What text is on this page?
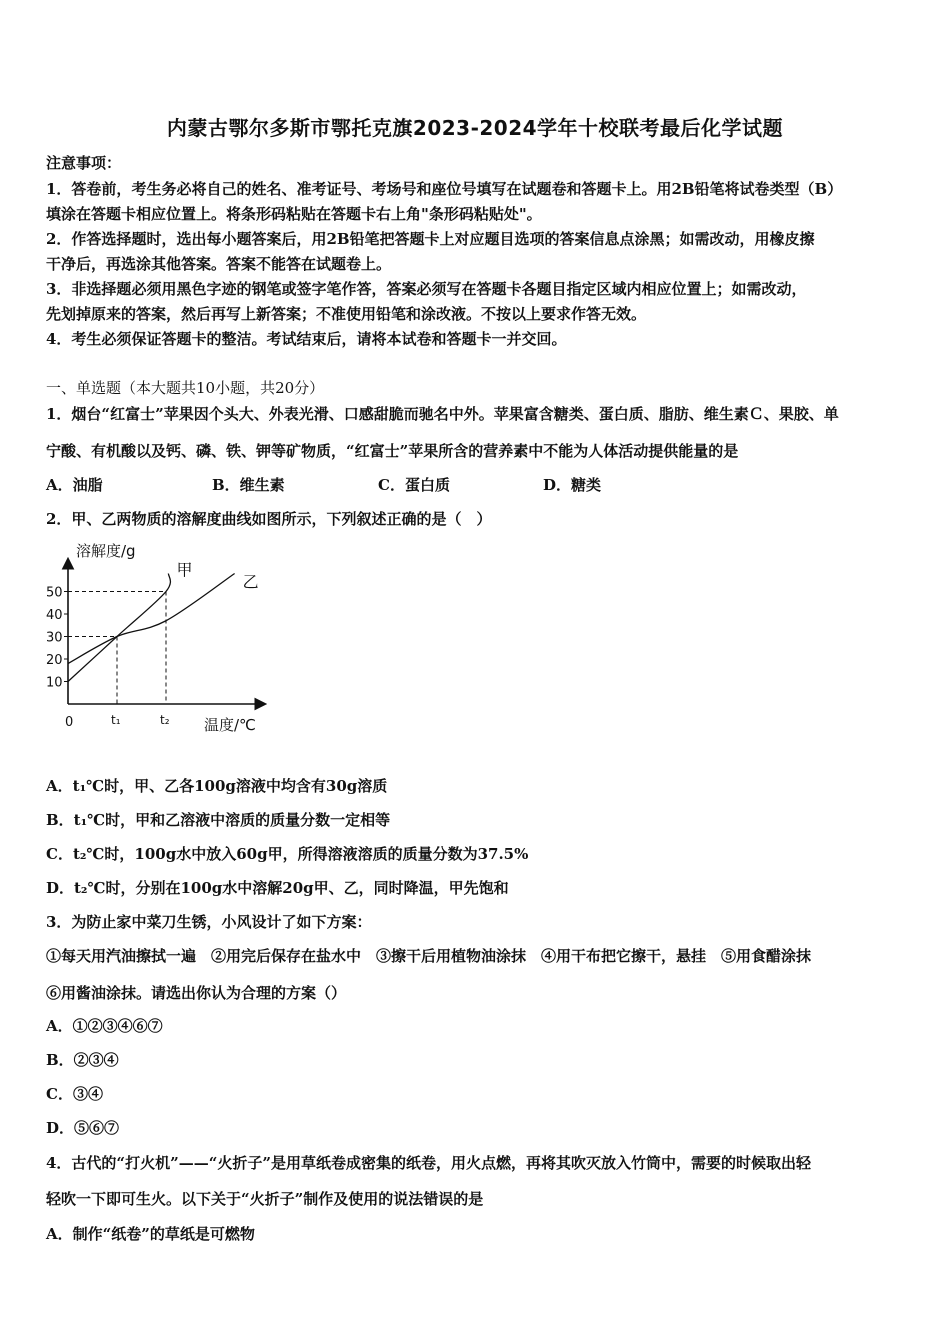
内蒙古鄂尔多斯市鄂托克旗2023-2024学年十校联考最后化学试题
注意事项：
1．答卷前，考生务必将自己的姓名、准考证号、考场号和座位号填写在试题卷和答题卡上。用2B铅笔将试卷类型（B）
填涂在答题卡相应位置上。将条形码粘贴在答题卡右上角"条形码粘贴处"。
2．作答选择题时，选出每小题答案后，用2B铅笔把答题卡上对应题目选项的答案信息点涂黑；如需改动，用橡皮擦
干净后，再选涂其他答案。答案不能答在试题卷上。
3．非选择题必须用黑色字迹的钢笔或签字笔作答，答案必须写在答题卡各题目指定区域内相应位置上；如需改动，
先划掉原来的答案，然后再写上新答案；不准使用铅笔和涂改液。不按以上要求作答无效。
4．考生必须保证答题卡的整洁。考试结束后，请将本试卷和答题卡一并交回。
一、单选题（本大题共10小题，共20分）
1．烟台“红富士”苹果因个头大、外表光滑、口感甜脆而驰名中外。苹果富含糖类、蛋白质、脂肪、维生素Ｃ、果胶、单
宁酸、有机酸以及钙、磷、铁、钾等矿物质，“红富士”苹果所含的营养素中不能为人体活动提供能量的是
A．油脂	B．维生素	C．蛋白质	D．糖类
2．甲、乙两物质的溶解度曲线如图所示，下列叙述正确的是（　）
溶解度/g
温度/℃
0
10
20
30
40
50
t₁	t₂
甲
乙
A．t₁℃时，甲、乙各100g溶液中均含有30g溶质
B．t₁℃时，甲和乙溶液中溶质的质量分数一定相等
C．t₂℃时，100g水中放入60g甲，所得溶液溶质的质量分数为37.5%
D．t₂℃时，分别在100g水中溶解20g甲、乙，同时降温，甲先饱和
3．为防止家中菜刀生锈，小风设计了如下方案：
①每天用汽油擦拭一遍　②用完后保存在盐水中　③擦干后用植物油涂抹　④用干布把它擦干，悬挂　⑤用食醋涂抹
⑥用酱油涂抹。请选出你认为合理的方案（）
A．①②③④⑥⑦
B．②③④
C．③④
D．⑤⑥⑦
4．古代的“打火机”——“火折子”是用草纸卷成密集的纸卷，用火点燃，再将其吹灭放入竹筒中，需要的时候取出轻
轻吹一下即可生火。以下关于“火折子”制作及使用的说法错误的是
A．制作“纸卷”的草纸是可燃物
